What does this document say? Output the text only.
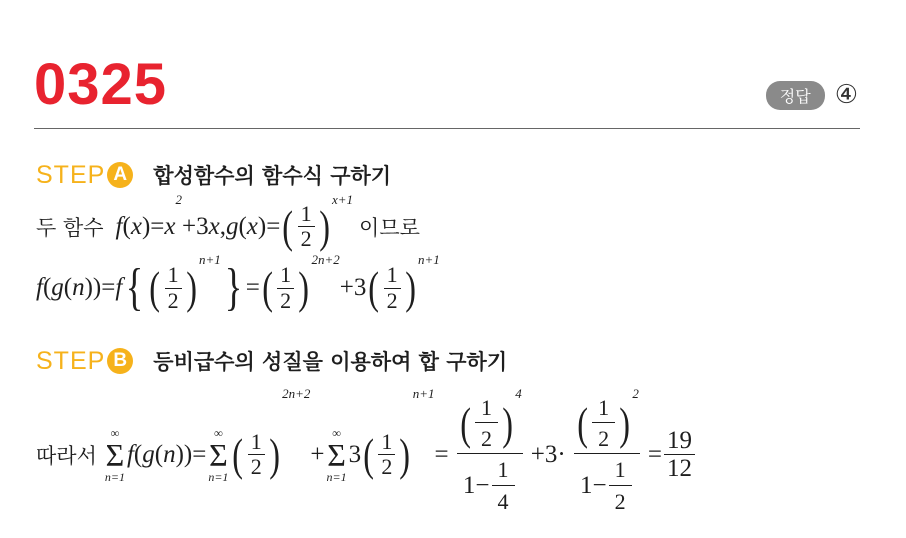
0325	정답 ④
STEP A 합성함수의 함수식 구하기
두 함수 f(x)=x
2
+3x,g(x)= ( $\frac{1}{2}$ )
x+1
이므로
f(g(n))=f { ( $\frac{1}{2}$ )
n+1 } = ( $\frac{1}{2}$ )
2n+2
+3 ( $\frac{1}{2}$ )
n+1
STEP B 등비급수의 성질을 이용하여 합 구하기
따라서
∞
Σ
n=1
f(g(n))=
∞
Σ
n=1 ( $\frac{1}{2}$ )
2n+2
+
∞
Σ
n=1
3 ( $\frac{1}{2}$ )
n+1
= ( $\frac{1}{2}$ )
4
$1- \frac{1}{4} +3\cdot$ ( $\frac{1}{2}$ )
2
$1- \frac{1}{2} = \frac{19}{12}$
